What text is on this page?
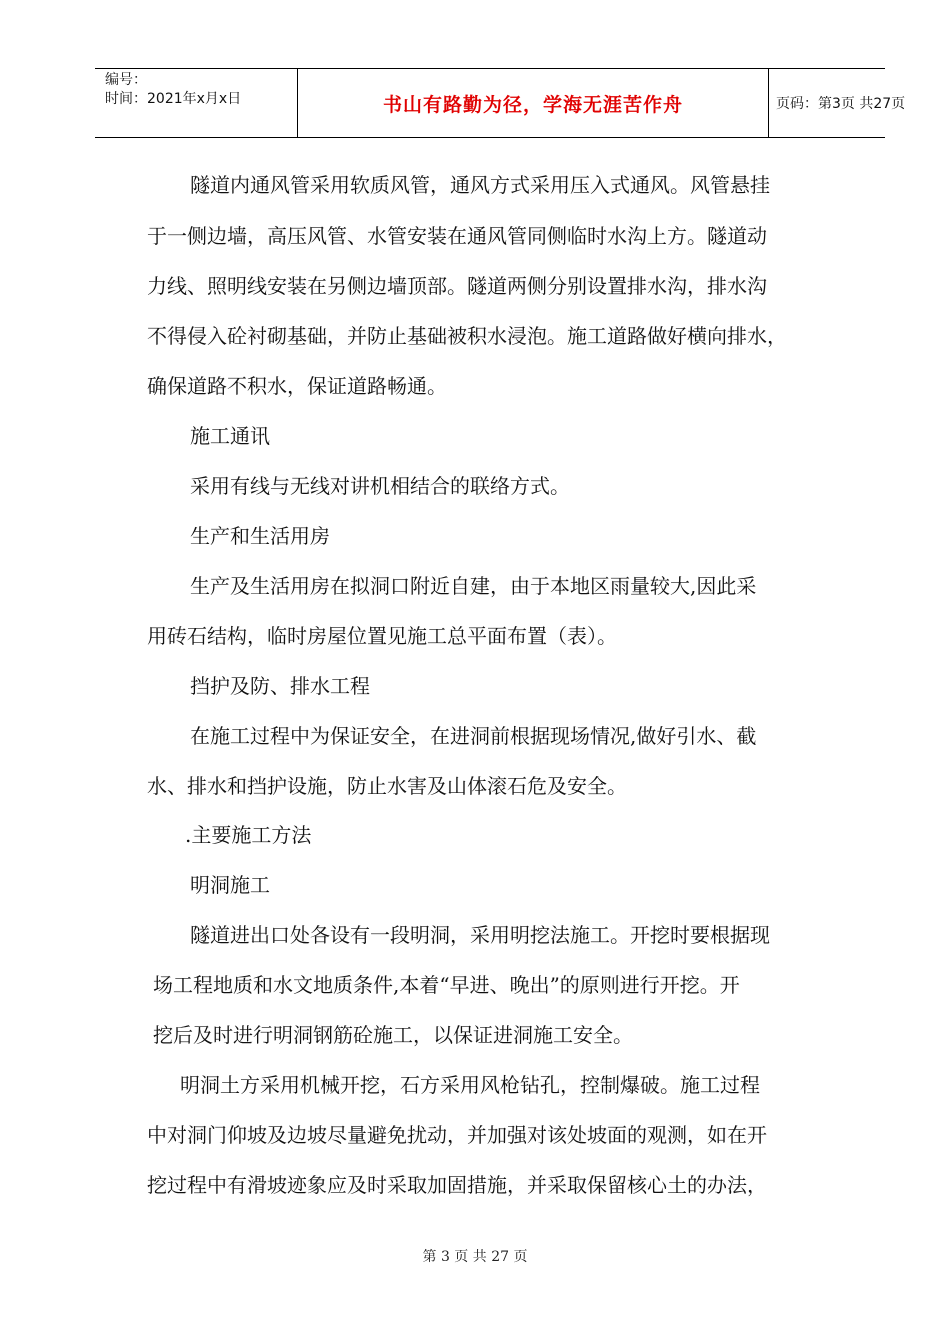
编号：
时间：2021年x月x日	书山有路勤为径，学海无涯苦作舟	页码：第3页 共27页
隧道内通风管采用软质风管，通风方式采用压入式通风。风管悬挂
于一侧边墙，高压风管、水管安装在通风管同侧临时水沟上方。隧道动
力线、照明线安装在另侧边墙顶部。隧道两侧分别设置排水沟，排水沟
不得侵入砼衬砌基础，并防止基础被积水浸泡。施工道路做好横向排水，
确保道路不积水，保证道路畅通。
施工通讯
采用有线与无线对讲机相结合的联络方式。
生产和生活用房
生产及生活用房在拟洞口附近自建，由于本地区雨量较大,因此采
用砖石结构，临时房屋位置见施工总平面布置（表）。
挡护及防、排水工程
在施工过程中为保证安全，在进洞前根据现场情况,做好引水、截
水、排水和挡护设施，防止水害及山体滚石危及安全。
.主要施工方法
明洞施工
隧道进出口处各设有一段明洞，采用明挖法施工。开挖时要根据现
场工程地质和水文地质条件,本着“早进、晚出”的原则进行开挖。开
挖后及时进行明洞钢筋砼施工，以保证进洞施工安全。
明洞土方采用机械开挖，石方采用风枪钻孔，控制爆破。施工过程
中对洞门仰坡及边坡尽量避免扰动，并加强对该处坡面的观测，如在开
挖过程中有滑坡迹象应及时采取加固措施，并采取保留核心土的办法，
第 3 页 共 27 页
